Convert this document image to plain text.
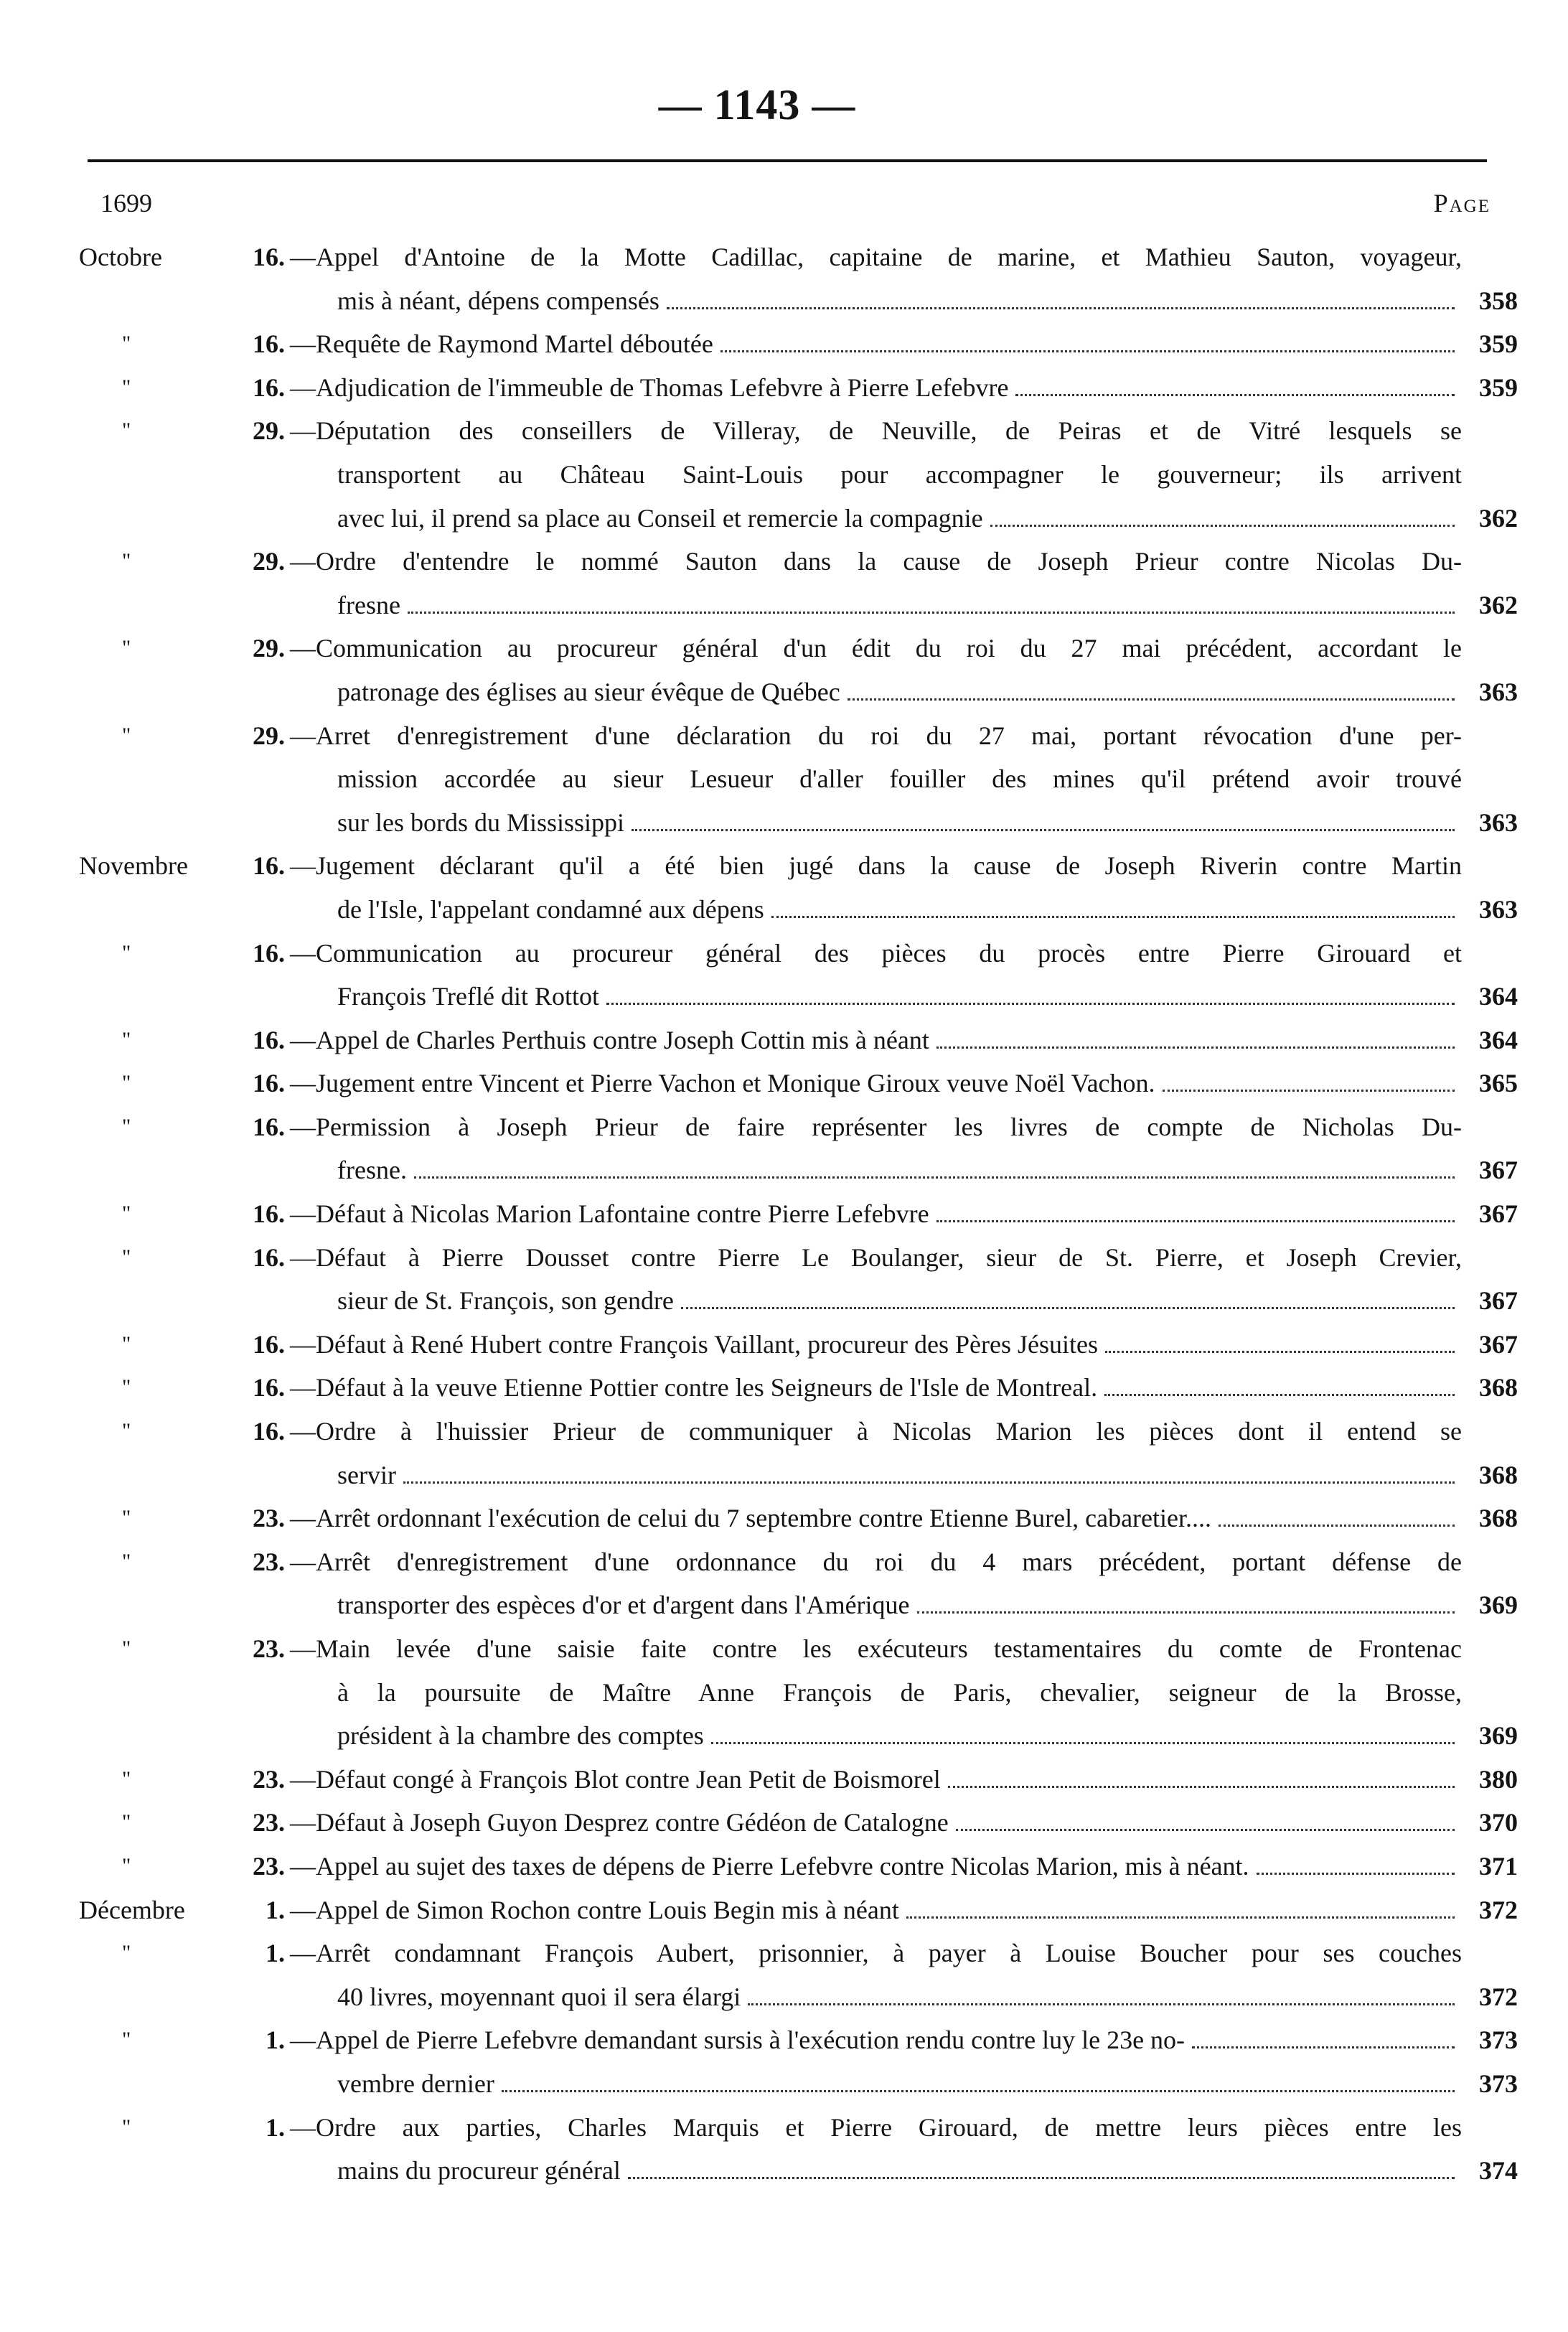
— 1143 —
1699	Page
Octobre	16. —Appel d'Antoine de la Motte Cadillac, capitaine de marine, et Mathieu Sauton, voyageur,
mis à néant, dépens compensés	358
"	16. —Requête de Raymond Martel déboutée	359
"	16. —Adjudication de l'immeuble de Thomas Lefebvre à Pierre Lefebvre	359
"	29. —Députation des conseillers de Villeray, de Neuville, de Peiras et de Vitré lesquels se
transportent au Château Saint-Louis pour accompagner le gouverneur; ils arrivent
avec lui, il prend sa place au Conseil et remercie la compagnie	362
"	29. —Ordre d'entendre le nommé Sauton dans la cause de Joseph Prieur contre Nicolas Du-
fresne	362
"	29. —Communication au procureur général d'un édit du roi du 27 mai précédent, accordant le
patronage des églises au sieur évêque de Québec	363
"	29. —Arret d'enregistrement d'une déclaration du roi du 27 mai, portant révocation d'une per-
mission accordée au sieur Lesueur d'aller fouiller des mines qu'il prétend avoir trouvé
sur les bords du Mississippi	363
Novembre	16. —Jugement déclarant qu'il a été bien jugé dans la cause de Joseph Riverin contre Martin
de l'Isle, l'appelant condamné aux dépens	363
"	16. —Communication au procureur général des pièces du procès entre Pierre Girouard et
François Treflé dit Rottot	364
"	16. —Appel de Charles Perthuis contre Joseph Cottin mis à néant	364
"	16. —Jugement entre Vincent et Pierre Vachon et Monique Giroux veuve Noël Vachon.	365
"	16. —Permission à Joseph Prieur de faire représenter les livres de compte de Nicholas Du-
fresne.	367
"	16. —Défaut à Nicolas Marion Lafontaine contre Pierre Lefebvre	367
"	16. —Défaut à Pierre Dousset contre Pierre Le Boulanger, sieur de St. Pierre, et Joseph Crevier,
sieur de St. François, son gendre	367
"	16. —Défaut à René Hubert contre François Vaillant, procureur des Pères Jésuites	367
"	16. —Défaut à la veuve Etienne Pottier contre les Seigneurs de l'Isle de Montreal.	368
"	16. —Ordre à l'huissier Prieur de communiquer à Nicolas Marion les pièces dont il entend se
servir	368
"	23. —Arrêt ordonnant l'exécution de celui du 7 septembre contre Etienne Burel, cabaretier....	368
"	23. —Arrêt d'enregistrement d'une ordonnance du roi du 4 mars précédent, portant défense de
transporter des espèces d'or et d'argent dans l'Amérique	369
"	23. —Main levée d'une saisie faite contre les exécuteurs testamentaires du comte de Frontenac
à la poursuite de Maître Anne François de Paris, chevalier, seigneur de la Brosse,
président à la chambre des comptes	369
"	23. —Défaut congé à François Blot contre Jean Petit de Boismorel	380
"	23. —Défaut à Joseph Guyon Desprez contre Gédéon de Catalogne	370
"	23. —Appel au sujet des taxes de dépens de Pierre Lefebvre contre Nicolas Marion, mis à néant.	371
Décembre	1. —Appel de Simon Rochon contre Louis Begin mis à néant	372
"	1. —Arrêt condamnant François Aubert, prisonnier, à payer à Louise Boucher pour ses couches
40 livres, moyennant quoi il sera élargi	372
"	1. —Appel de Pierre Lefebvre demandant sursis à l'exécution rendu contre luy le 23e no-	373
vembre dernier	373
"	1. —Ordre aux parties, Charles Marquis et Pierre Girouard, de mettre leurs pièces entre les
mains du procureur général	374
